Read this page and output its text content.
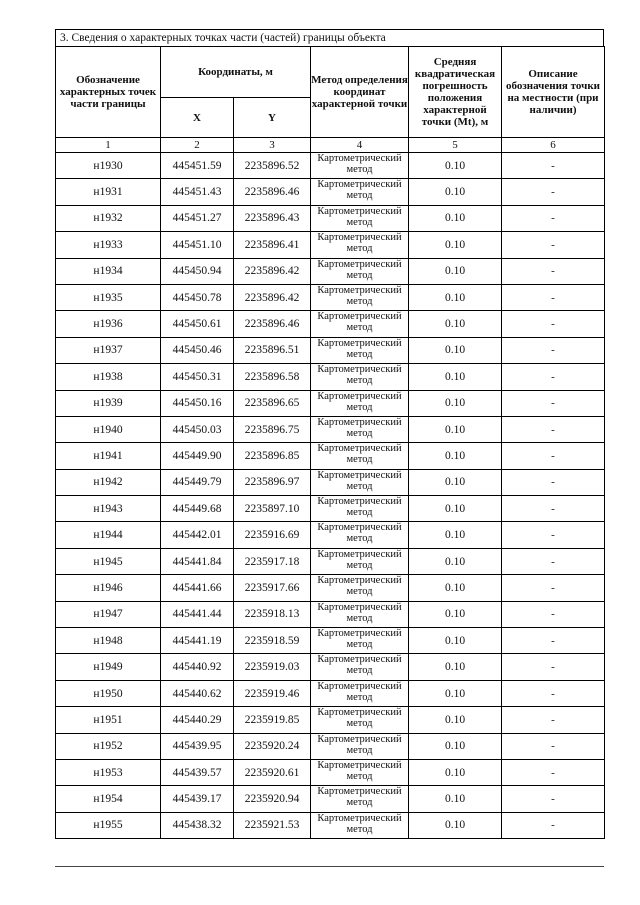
3. Сведения о характерных точках части (частей) границы объекта
Обозначение характерных точек части границы	Координаты, м		Метод определения координат характерной точки	Средняя квадратическая погрешность положения характерной точки (Mt), м	Описание обозначения точки на местности (при наличии)
	X	Y			
1	2	3	4	5	6
н1930	445451.59	2235896.52	Картометрический метод	0.10	-
н1931	445451.43	2235896.46	Картометрический метод	0.10	-
н1932	445451.27	2235896.43	Картометрический метод	0.10	-
н1933	445451.10	2235896.41	Картометрический метод	0.10	-
н1934	445450.94	2235896.42	Картометрический метод	0.10	-
н1935	445450.78	2235896.42	Картометрический метод	0.10	-
н1936	445450.61	2235896.46	Картометрический метод	0.10	-
н1937	445450.46	2235896.51	Картометрический метод	0.10	-
н1938	445450.31	2235896.58	Картометрический метод	0.10	-
н1939	445450.16	2235896.65	Картометрический метод	0.10	-
н1940	445450.03	2235896.75	Картометрический метод	0.10	-
н1941	445449.90	2235896.85	Картометрический метод	0.10	-
н1942	445449.79	2235896.97	Картометрический метод	0.10	-
н1943	445449.68	2235897.10	Картометрический метод	0.10	-
н1944	445442.01	2235916.69	Картометрический метод	0.10	-
н1945	445441.84	2235917.18	Картометрический метод	0.10	-
н1946	445441.66	2235917.66	Картометрический метод	0.10	-
н1947	445441.44	2235918.13	Картометрический метод	0.10	-
н1948	445441.19	2235918.59	Картометрический метод	0.10	-
н1949	445440.92	2235919.03	Картометрический метод	0.10	-
н1950	445440.62	2235919.46	Картометрический метод	0.10	-
н1951	445440.29	2235919.85	Картометрический метод	0.10	-
н1952	445439.95	2235920.24	Картометрический метод	0.10	-
н1953	445439.57	2235920.61	Картометрический метод	0.10	-
н1954	445439.17	2235920.94	Картометрический метод	0.10	-
н1955	445438.32	2235921.53	Картометрический метод	0.10	-
